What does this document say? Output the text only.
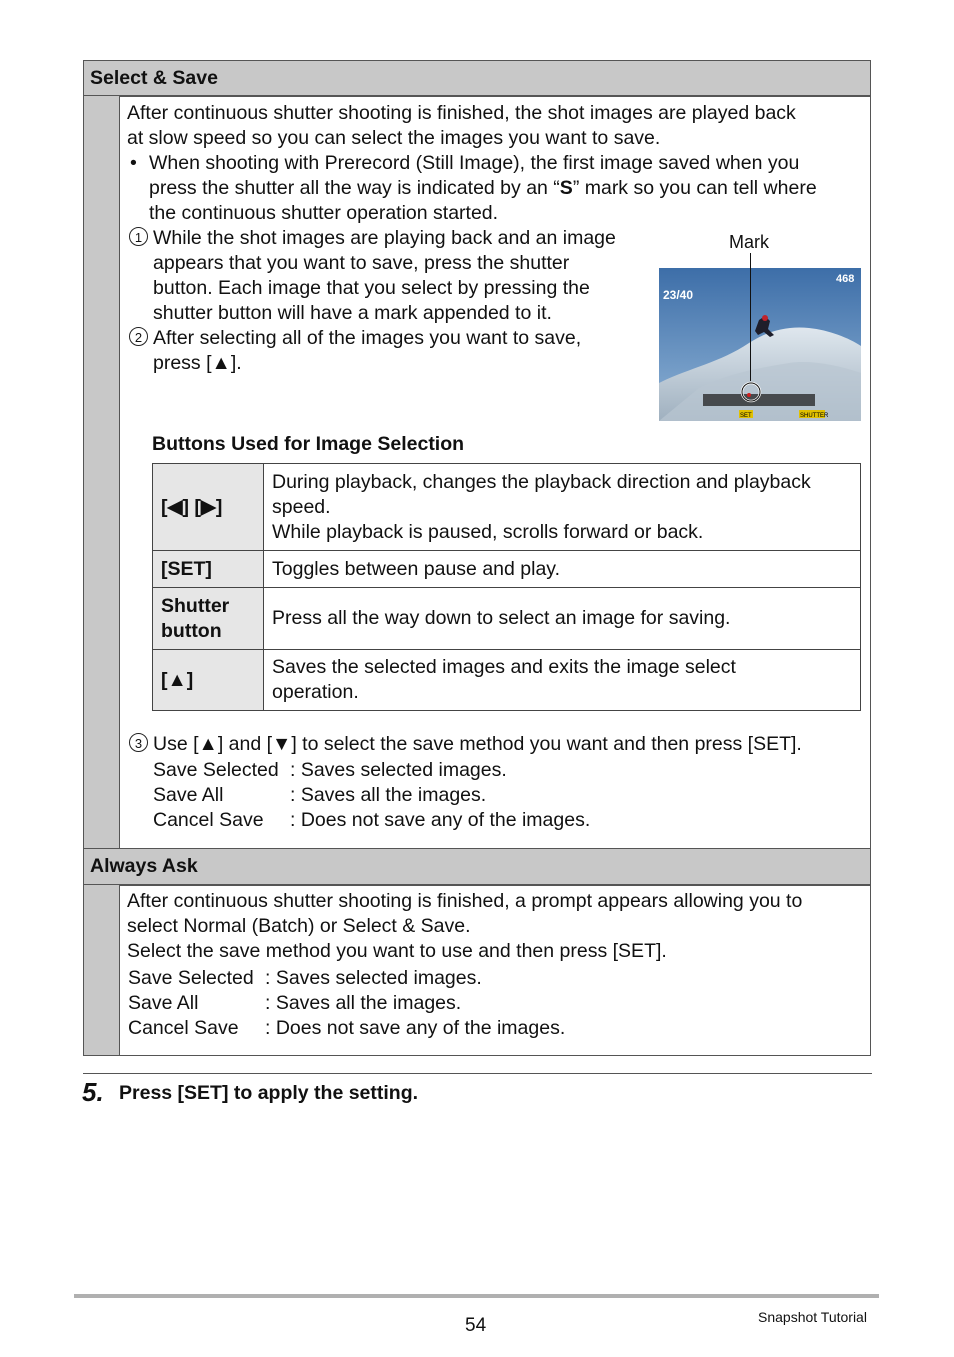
Select & Save
After continuous shutter shooting is finished, the shot images are played back
at slow speed so you can select the images you want to save.
• When shooting with Prerecord (Still Image), the first image saved when you
press the shutter all the way is indicated by an “S” mark so you can tell where
the continuous shutter operation started.
1 While the shot images are playing back and an image
appears that you want to save, press the shutter
button. Each image that you select by pressing the
shutter button will have a mark appended to it.
2 After selecting all of the images you want to save,
press [▲].
Mark
23/40
468
SET	SHUTTER
Buttons Used for Image Selection
[◀] [▶]	During playback, changes the playback direction and playback
speed.
While playback is paused, scrolls forward or back.

[SET]	Toggles between pause and play.

Shutter
button	Press all the way down to select an image for saving.
[▲]	Saves the selected images and exits the image select
operation.
3 Use [▲] and [▼] to select the save method you want and then press [SET].
Save Selected : Saves selected images.
Save All	: Saves all the images.
Cancel Save : Does not save any of the images.
Always Ask
After continuous shutter shooting is finished, a prompt appears allowing you to
select Normal (Batch) or Select & Save.
Select the save method you want to use and then press [SET].
Save Selected : Saves selected images.
Save All	: Saves all the images.
Cancel Save : Does not save any of the images.
5. Press [SET] to apply the setting.
54	Snapshot Tutorial
